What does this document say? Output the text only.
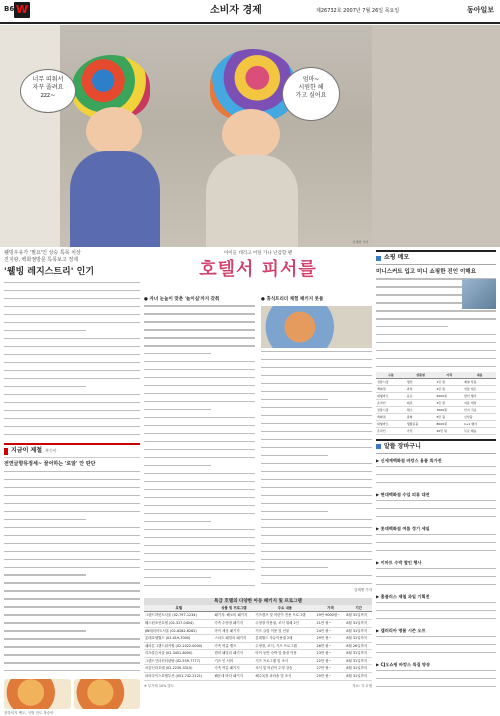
B6 W	소비자 경제	제26732호 2007년 7월 26일 목요일	동아일보
너무 띠워서
자꾸 졸려요
zzz~
엄마~
시원한 해
가고 싶어요
김재명 기자
웰빙우유가 '필요'인 상승 특목 치상
진지팡, 백화점방문 특목보고 정제
'웰빙 레지스트리' 인기
지금이 제철 복숭아
전연글향뮤정세~ 꿀어하는 '로알' 안 딴단
전하의지 백도, 식방 전도 복숭아
아이들 데리고 어딜 가나 난감할 땐
호텔서 피서를
● 자녀 눈높이 맞춘 '놀이실'까지 갖춰	● 휴식트리더 체험 패키지 봇물
김재명 기자
특급 호텔의 다양한 아동 패키지 및 프로그램
호텔	상품 및 프로그램	주요 내용	가격	기간
그랜드하얏트서울 (02-797-1234)	패키지: 해오미 패키지	키즈캠프 및 어린이 전용 프로그램	19만 9000원~	8월 31일까지
웨스틴조선호텔 (02-317-0404)	가족 수영장 패키지	수영장 이용권, 조식 뷔페 2인	21만 원~	8월 31일까지
JW메리어트서울 (02-6282-6262)	아이 세상 패키지	키즈 클럽 이용 및 선물	24만 원~	8월 31일까지
롯데호텔월드 (02-419-7000)	스마트 패밀리 패키지	롯데월드 자유이용권 2매	29만 원~	8월 31일까지
쉐라톤그랜드워커힐 (02-2022-0000)	가족 여름 캠프	수영장, 조식, 키즈 프로그램	26만 원~	8월 26일까지
리츠칼튼서울 (02-3451-8000)	썸머 패밀리 패키지	아이 동반 숙박 및 풀장 이용	23만 원~	8월 31일까지
그랜드인터컨티넨탈 (02-559-7777)	키즈 인 서머	키즈 프로그램 및 조식	22만 원~	8월 31일까지
서울신라호텔 (02-2230-3310)	가족 여름 패키지	조식 및 어린이 수영 강습	27만 원~	8월 31일까지
파라다이스호텔부산 (051-742-2121)	해운대 바다 패키지	해수욕장 파라솔 및 조식	25만 원~	8월 31일까지
※ 부가세 10% 별도	자료: 각 호텔
쇼핑 메모
미니스커트 입고 미니 쇼핑한 진인 이해요
구분	상품명	가격	내용
전통시장	생선	1만 원	제철 상품
백화점	과일	2만 원	선물 세트
대형마트	음료	5000원	할인 행사
온라인	의류	3만 원	여름 세일
전통시장	채소	3000원	산지 직송
백화점	잡화	5만 원	신상품
대형마트	생활용품	8000원	1+1 행사
온라인	가전	20만 원	무료 배송
알뜰 장바구니
▶ 신세계백화점 바캉스 용품 특가전
▶ 현대백화점 수입 의류 대전
▶ 롯데백화점 여름 정기 세일
▶ 이마트 수박 할인 행사
▶ 홈플러스 제철 과일 기획전
▶ 갤러리아 명품 시즌 오프
▶ CJ오쇼핑 바캉스 특집 방송
